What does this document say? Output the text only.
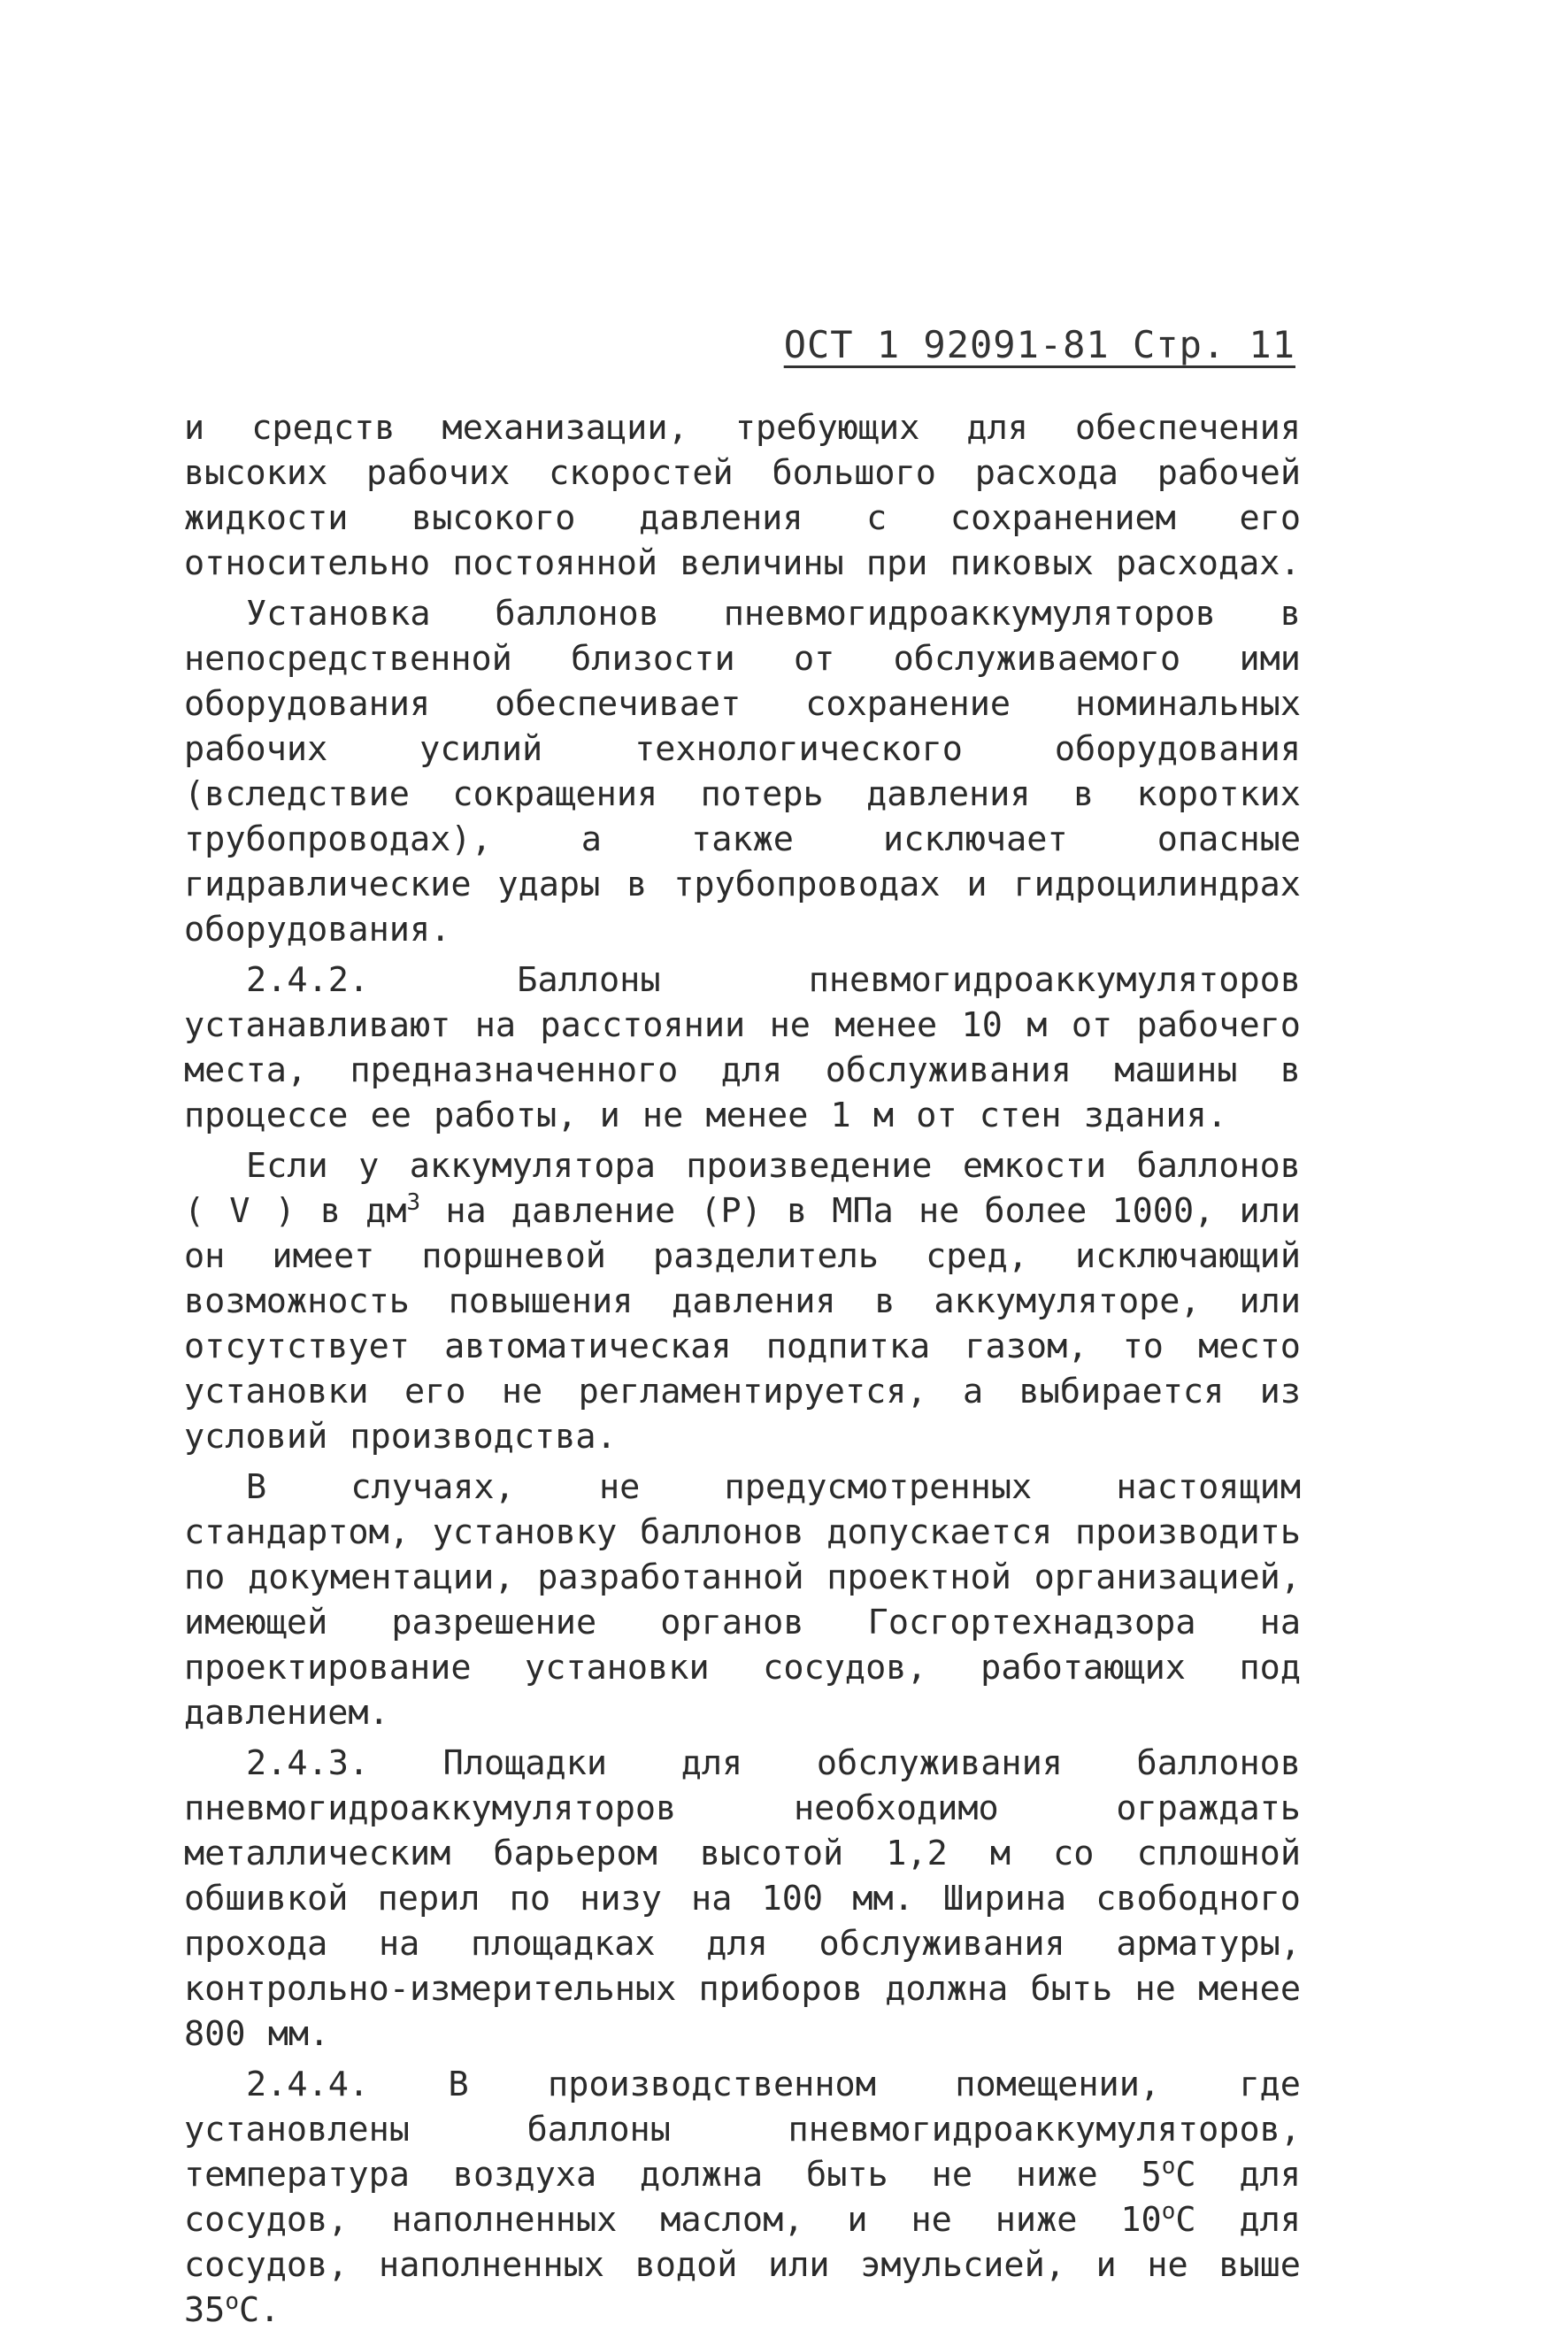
ОСТ 1 92091-81 Стр. 11

и средств механизации, требующих для обеспечения высоких рабочих скоростей большого расхода рабочей жидкости высокого давления с сохранением его относительно постоянной величины при пиковых расходах.

Установка баллонов пневмогидроаккумуляторов в непосредственной близости от обслуживаемого ими оборудования обеспечивает сохранение номинальных рабочих усилий технологического оборудования (вследствие сокращения потерь давления в коротких трубопроводах), а также исключает опасные гидравлические удары в трубопроводах и гидроцилиндрах оборудования.

2.4.2. Баллоны пневмогидроаккумуляторов устанавливают на расстоянии не менее 10 м от рабочего места, предназначенного для обслуживания машины в процессе ее работы, и не менее 1 м от стен здания.

Если у аккумулятора произведение емкости баллонов ( V ) в $дм^3$ на давление (Р) в МПа не более 1000, или он имеет поршневой разделитель сред, исключающий возможность повышения давления в аккумуляторе, или отсутствует автоматическая подпитка газом, то место установки его не регламентируется, а выбирается из условий производства.

В случаях, не предусмотренных настоящим стандартом, установку баллонов допускается производить по документации, разработанной проектной организацией, имеющей разрешение органов Госгортехнадзора на проектирование установки сосудов, работающих под давлением.

2.4.3. Площадки для обслуживания баллонов пневмогидроаккумуляторов необходимо ограждать металлическим барьером высотой 1,2 м со сплошной обшивкой перил по низу на 100 мм. Ширина свободного прохода на площадках для обслуживания арматуры, контрольно-измерительных приборов должна быть не менее 800 мм.

2.4.4. В производственном помещении, где установлены баллоны пневмогидроаккумуляторов, температура воздуха должна быть не ниже $5^оС$ для сосудов, наполненных маслом, и не ниже $10^оС$ для сосудов, наполненных водой или эмульсией, и не выше $35^оС$.
